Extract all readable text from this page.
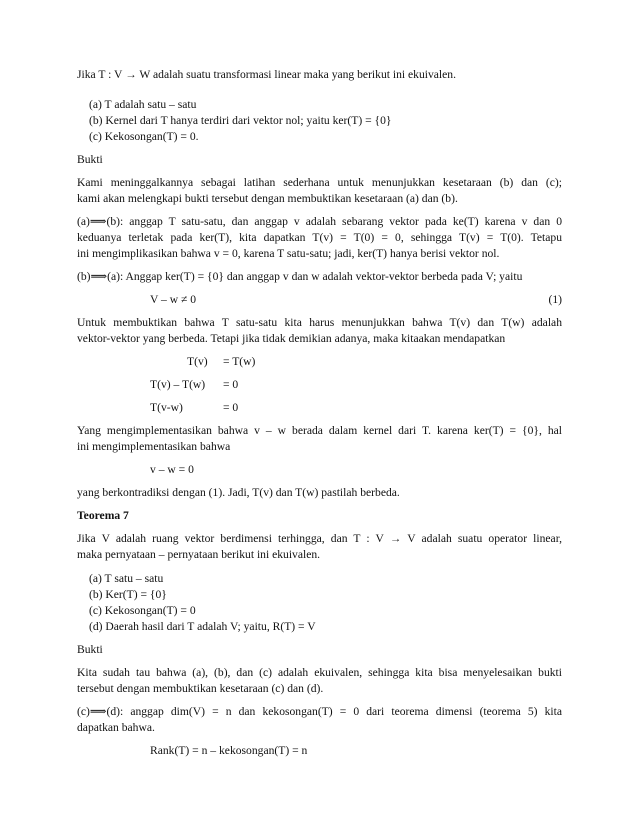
Jika T : V → W adalah suatu transformasi linear maka yang berikut ini ekuivalen.
(a) T adalah satu – satu
(b) Kernel dari T hanya terdiri dari vektor nol; yaitu ker(T) = {0}
(c) Kekosongan(T) = 0.
Bukti
Kami meninggalkannya sebagai latihan sederhana untuk menunjukkan kesetaraan (b) dan (c);
kami akan melengkapi bukti tersebut dengan membuktikan kesetaraan (a) dan (b).
(a)⟹(b): anggap T satu-satu, dan anggap v adalah sebarang vektor pada ke(T) karena v dan 0
keduanya terletak pada ker(T), kita dapatkan T(v) = T(0) = 0, sehingga T(v) = T(0). Tetapu
ini mengimplikasikan bahwa v = 0, karena T satu-satu; jadi, ker(T) hanya berisi vektor nol.
(b)⟹(a): Anggap ker(T) = {0} dan anggap v dan w adalah vektor-vektor berbeda pada V; yaitu
V – w ≠ 0	(1)
Untuk membuktikan bahwa T satu-satu kita harus menunjukkan bahwa T(v) dan T(w) adalah
vektor-vektor yang berbeda. Tetapi jika tidak demikian adanya, maka kitaakan mendapatkan
T(v) = T(w)
T(v) – T(w) = 0
T(v-w)	= 0
Yang mengimplementasikan bahwa v – w berada dalam kernel dari T. karena ker(T) = {0}, hal
ini mengimplementasikan bahwa
v – w = 0
yang berkontradiksi dengan (1). Jadi, T(v) dan T(w) pastilah berbeda.
Teorema 7
Jika V adalah ruang vektor berdimensi terhingga, dan T : V → V adalah suatu operator linear,
maka pernyataan – pernyataan berikut ini ekuivalen.
(a) T satu – satu
(b) Ker(T) = {0}
(c) Kekosongan(T) = 0
(d) Daerah hasil dari T adalah V; yaitu, R(T) = V
Bukti
Kita sudah tau bahwa (a), (b), dan (c) adalah ekuivalen, sehingga kita bisa menyelesaikan bukti
tersebut dengan membuktikan kesetaraan (c) dan (d).
(c)⟹(d): anggap dim(V) = n dan kekosongan(T) = 0 dari teorema dimensi (teorema 5) kita
dapatkan bahwa.
Rank(T) = n – kekosongan(T) = n
